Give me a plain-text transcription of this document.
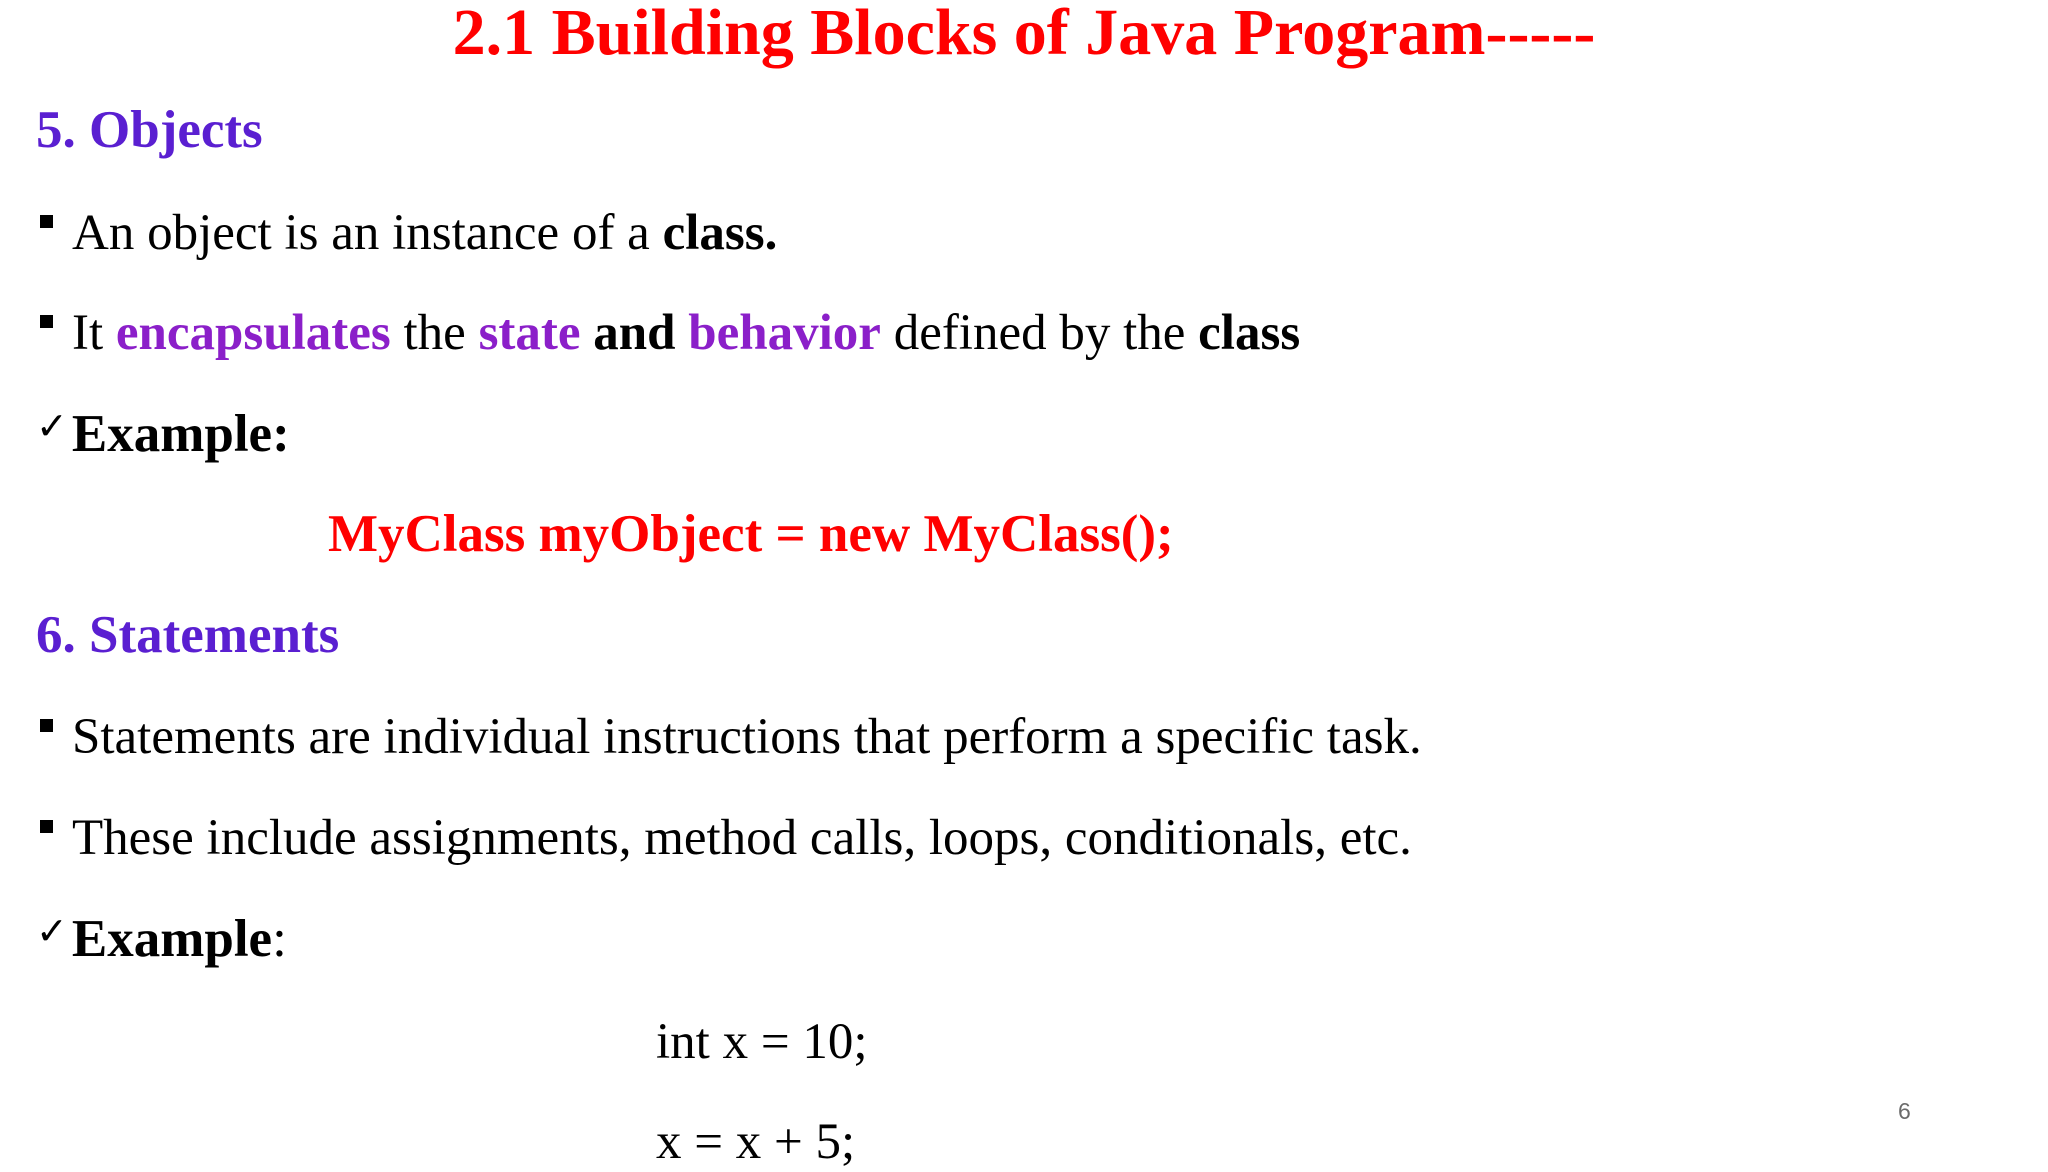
2.1 Building Blocks of Java Program-----
5. Objects
An object is an instance of a class.
It encapsulates the state and behavior defined by the class
✓Example:
MyClass myObject = new MyClass();
6. Statements
Statements are individual instructions that perform a specific task.
These include assignments, method calls, loops, conditionals, etc.
✓Example:
int x = 10;
x = x + 5;
6
